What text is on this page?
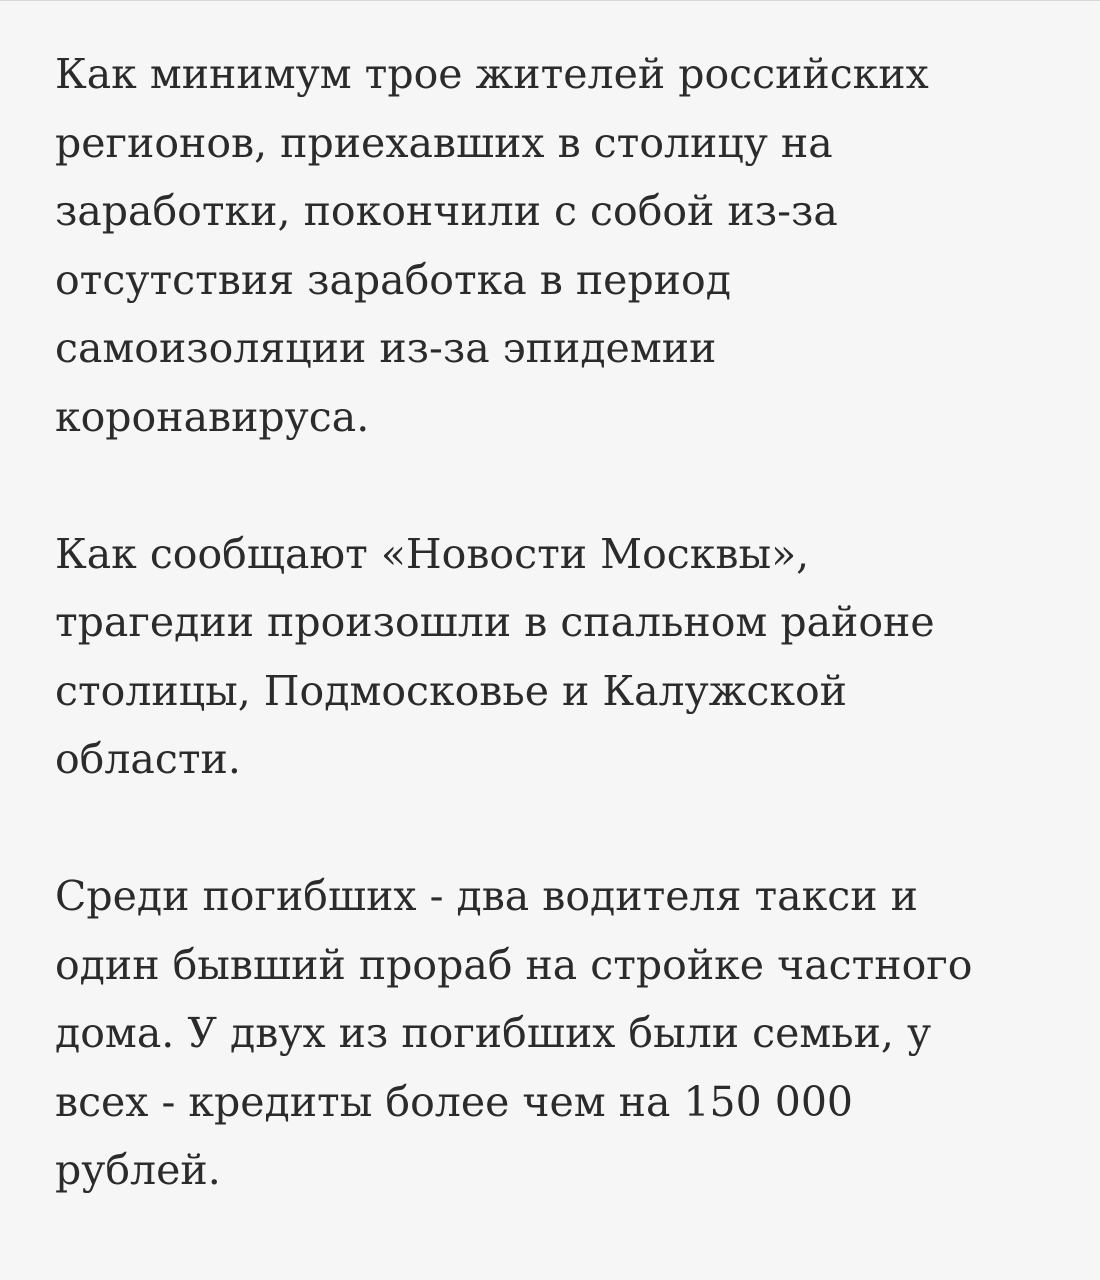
Как минимум трое жителей российских
регионов, приехавших в столицу на
заработки, покончили с собой из-за
отсутствия заработка в период
самоизоляции из-за эпидемии
коронавируса.

Как сообщают «Новости Москвы»,
трагедии произошли в спальном районе
столицы, Подмосковье и Калужской
области.

Среди погибших - два водителя такси и
один бывший прораб на стройке частного
дома. У двух из погибших были семьи, у
всех - кредиты более чем на 150 000
рублей.
